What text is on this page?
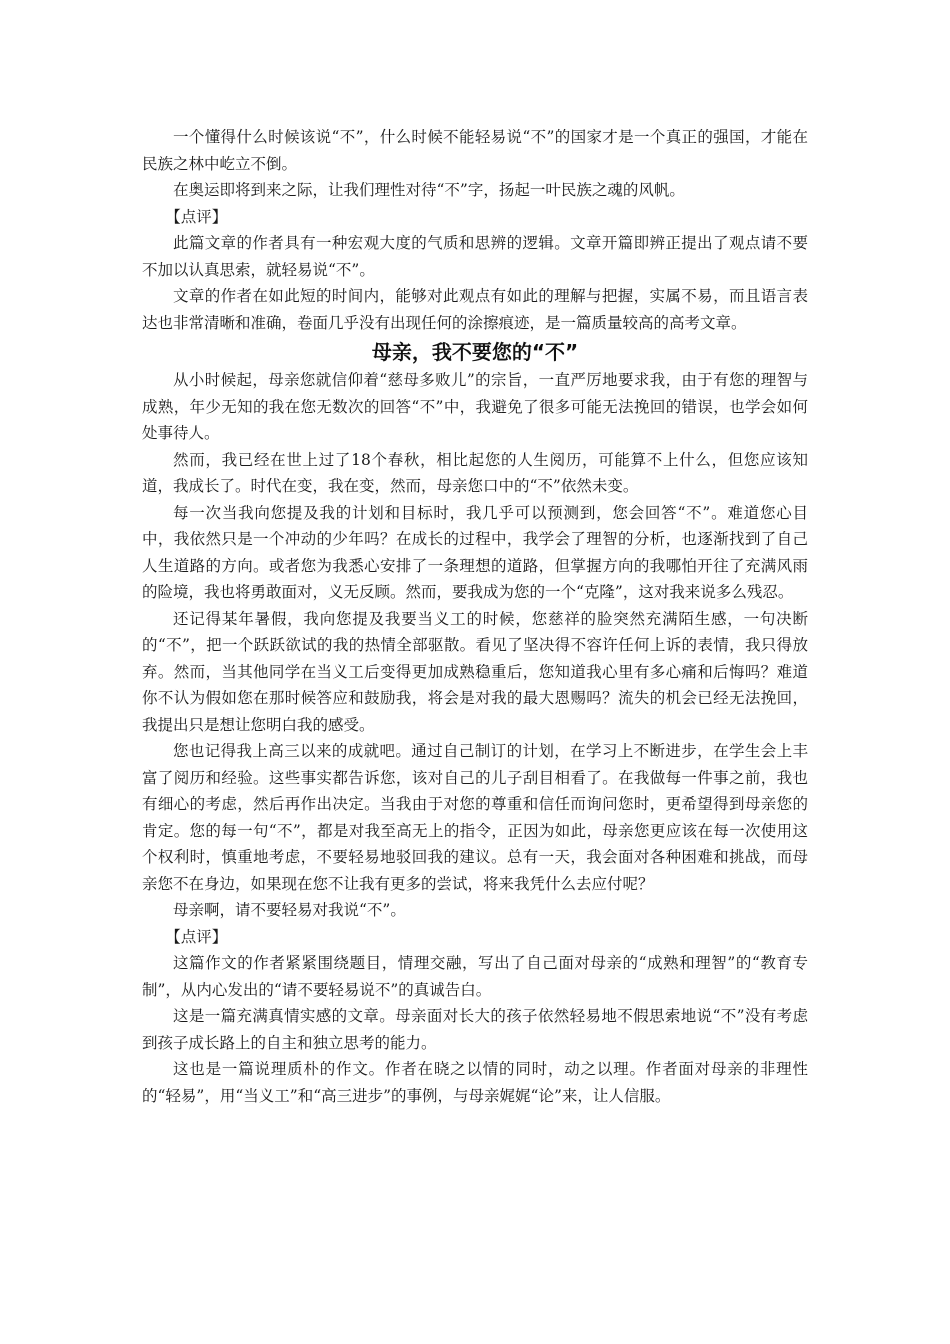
一个懂得什么时候该说“不”，什么时候不能轻易说“不”的国家才是一个真正的强国，才能在民族之林中屹立不倒。

在奥运即将到来之际，让我们理性对待“不”字，扬起一叶民族之魂的风帆。

【点评】

此篇文章的作者具有一种宏观大度的气质和思辨的逻辑。文章开篇即辨正提出了观点请不要不加以认真思索，就轻易说“不”。

文章的作者在如此短的时间内，能够对此观点有如此的理解与把握，实属不易，而且语言表达也非常清晰和准确，卷面几乎没有出现任何的涂擦痕迹，是一篇质量较高的高考文章。

母亲，我不要您的“不”

从小时候起，母亲您就信仰着“慈母多败儿”的宗旨，一直严厉地要求我，由于有您的理智与成熟，年少无知的我在您无数次的回答“不”中，我避免了很多可能无法挽回的错误，也学会如何处事待人。

然而，我已经在世上过了18个春秋，相比起您的人生阅历，可能算不上什么，但您应该知道，我成长了。时代在变，我在变，然而，母亲您口中的“不”依然未变。

每一次当我向您提及我的计划和目标时，我几乎可以预测到，您会回答“不”。难道您心目中，我依然只是一个冲动的少年吗？在成长的过程中，我学会了理智的分析，也逐渐找到了自己人生道路的方向。或者您为我悉心安排了一条理想的道路，但掌握方向的我哪怕开往了充满风雨的险境，我也将勇敢面对，义无反顾。然而，要我成为您的一个“克隆”，这对我来说多么残忍。

还记得某年暑假，我向您提及我要当义工的时候，您慈祥的脸突然充满陌生感，一句决断的“不”，把一个跃跃欲试的我的热情全部驱散。看见了坚决得不容许任何上诉的表情，我只得放弃。然而，当其他同学在当义工后变得更加成熟稳重后，您知道我心里有多心痛和后悔吗？难道你不认为假如您在那时候答应和鼓励我，将会是对我的最大恩赐吗？流失的机会已经无法挽回，我提出只是想让您明白我的感受。

您也记得我上高三以来的成就吧。通过自己制订的计划，在学习上不断进步，在学生会上丰富了阅历和经验。这些事实都告诉您，该对自己的儿子刮目相看了。在我做每一件事之前，我也有细心的考虑，然后再作出决定。当我由于对您的尊重和信任而询问您时，更希望得到母亲您的肯定。您的每一句“不”，都是对我至高无上的指令，正因为如此，母亲您更应该在每一次使用这个权利时，慎重地考虑，不要轻易地驳回我的建议。总有一天，我会面对各种困难和挑战，而母亲您不在身边，如果现在您不让我有更多的尝试，将来我凭什么去应付呢？

母亲啊，请不要轻易对我说“不”。

【点评】

这篇作文的作者紧紧围绕题目，情理交融，写出了自己面对母亲的“成熟和理智”的“教育专制”，从内心发出的“请不要轻易说不”的真诚告白。

这是一篇充满真情实感的文章。母亲面对长大的孩子依然轻易地不假思索地说“不”没有考虑到孩子成长路上的自主和独立思考的能力。

这也是一篇说理质朴的作文。作者在晓之以情的同时，动之以理。作者面对母亲的非理性的“轻易”，用“当义工”和“高三进步”的事例，与母亲娓娓“论”来，让人信服。
